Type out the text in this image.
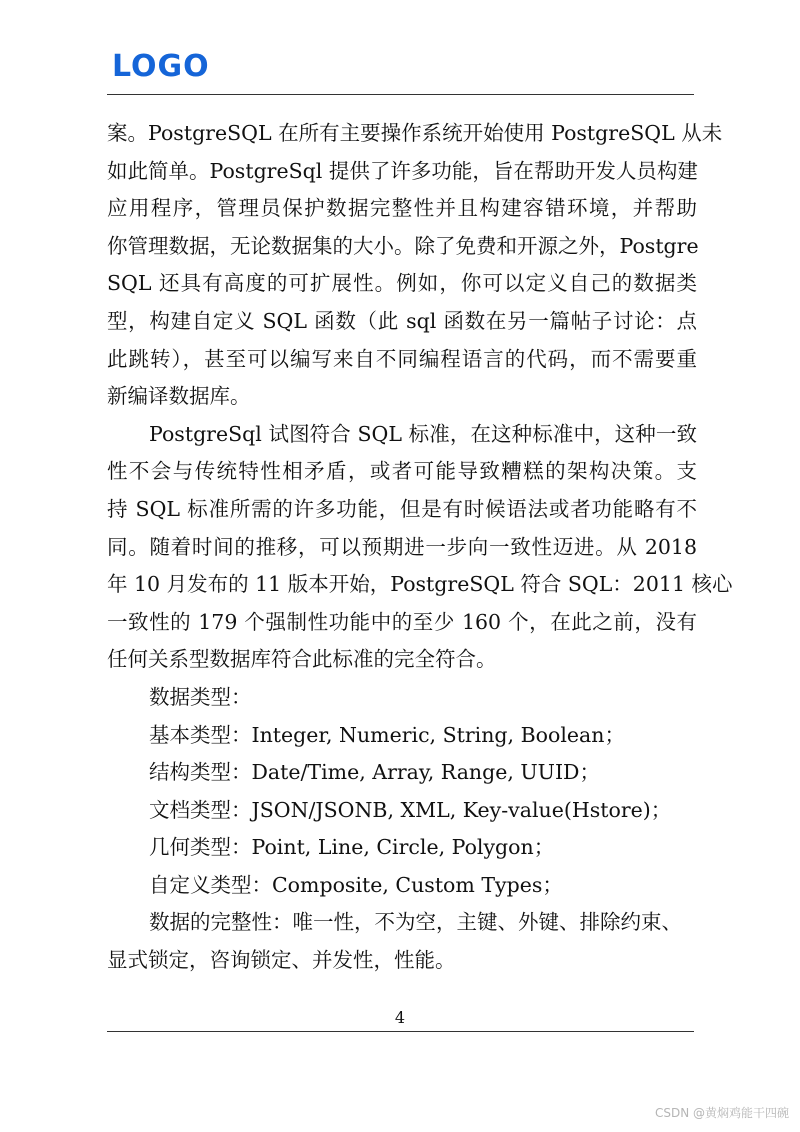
LOGO
案。PostgreSQL 在所有主要操作系统开始使用 PostgreSQL 从未
如此简单。PostgreSql 提供了许多功能，旨在帮助开发人员构建
应用程序，管理员保护数据完整性并且构建容错环境，并帮助
你管理数据，无论数据集的大小。除了免费和开源之外，Postgre
SQL 还具有高度的可扩展性。例如，你可以定义自己的数据类
型，构建自定义 SQL 函数（此 sql 函数在另一篇帖子讨论：点
此跳转），甚至可以编写来自不同编程语言的代码，而不需要重
新编译数据库。
PostgreSql 试图符合 SQL 标准，在这种标准中，这种一致
性不会与传统特性相矛盾，或者可能导致糟糕的架构决策。支
持 SQL 标准所需的许多功能，但是有时候语法或者功能略有不
同。随着时间的推移，可以预期进一步向一致性迈进。从 2018
年 10 月发布的 11 版本开始，PostgreSQL 符合 SQL：2011 核心
一致性的 179 个强制性功能中的至少 160 个，在此之前，没有
任何关系型数据库符合此标准的完全符合。
数据类型：
基本类型：Integer, Numeric, String, Boolean；
结构类型：Date/Time, Array, Range, UUID；
文档类型：JSON/JSONB, XML, Key-value(Hstore)；
几何类型：Point, Line, Circle, Polygon；
自定义类型：Composite, Custom Types；
数据的完整性：唯一性，不为空，主键、外键、排除约束、
显式锁定，咨询锁定、并发性，性能。
4
CSDN @黄焖鸡能干四碗
